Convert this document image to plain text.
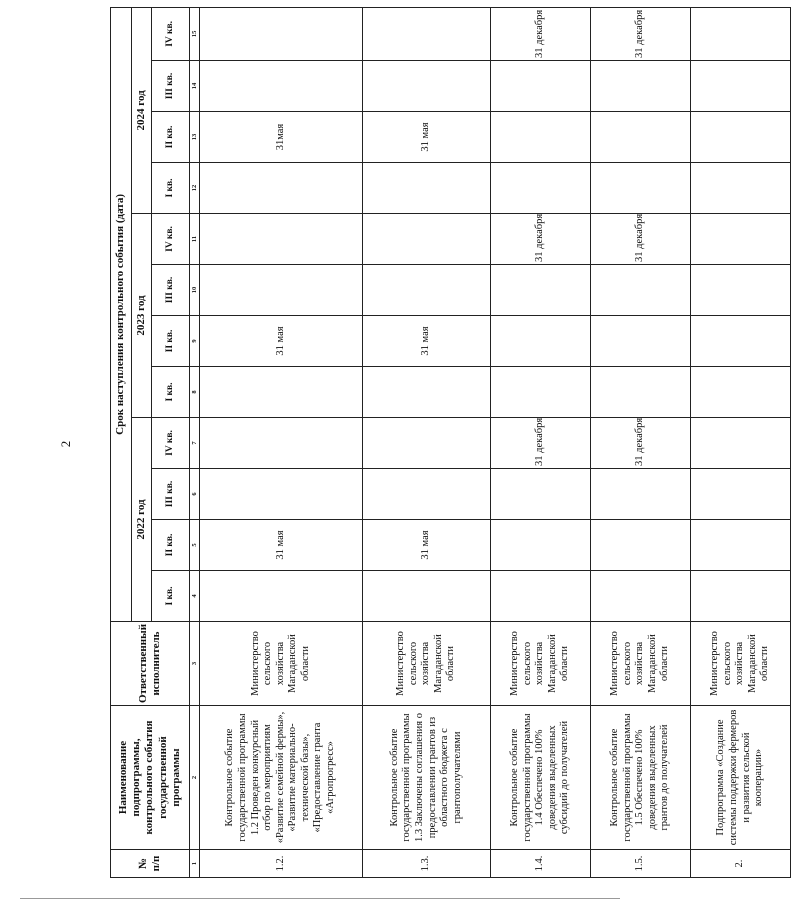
2
№ п/п	Наименование подпрограммы, контрольного события государственной программы	Ответственный исполнитель	Срок наступления контрольного события (дата)											
			2022 год				2023 год				2024 год			
			I кв.	II кв.	III кв.	IV кв.	I кв.	II кв.	III кв.	IV кв.	I кв.	II кв.	III кв.	IV кв.
1	2	3	4	5	6	7	8	9	10	11	12	13	14	15
1.2.	Контрольное событие государственной программы 1.2 Проведен конкурсный отбор по мероприятиям «Развитие семейной фермы», «Развитие материально-технической базы», «Предоставление гранта «Агропрогресс»	Министерство сельского хозяйства Магаданской области		31 мая				31 мая				31мая		
1.3.	Контрольное событие государственной программы 1.3 Заключены соглашения о предоставлении грантов из областного бюджета с грантополучателями	Министерство сельского хозяйства Магаданской области		31 мая				31 мая				31 мая		
1.4.	Контрольное событие государственной программы 1.4 Обеспечено 100% доведения выделенных субсидий до получателей	Министерство сельского хозяйства Магаданской области				31 декабря				31 декабря				31 декабря
1.5.	Контрольное событие государственной программы 1.5 Обеспечено 100% доведения выделенных грантов до получателей	Министерство сельского хозяйства Магаданской области				31 декабря				31 декабря				31 декабря
2.	Подпрограмма «Создание системы поддержки фермеров и развития сельской кооперации»	Министерство сельского хозяйства Магаданской области												
